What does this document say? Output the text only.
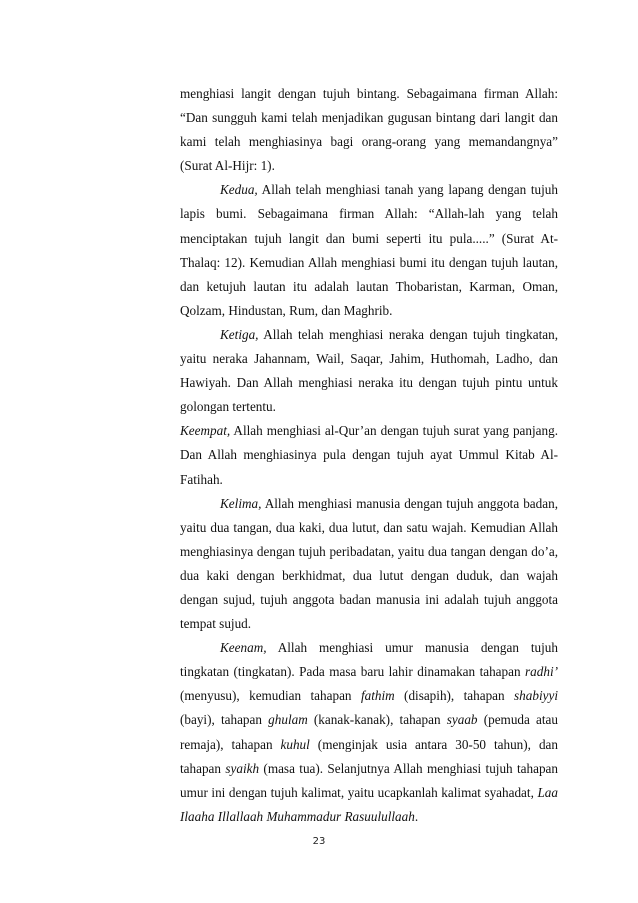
menghiasi langit dengan tujuh bintang. Sebagaimana firman Allah: “Dan sungguh kami telah menjadikan gugusan bintang dari langit dan kami telah menghiasinya bagi orang-orang yang memandangnya” (Surat Al-Hijr: 1).

Kedua, Allah telah menghiasi tanah yang lapang dengan tujuh lapis bumi. Sebagaimana firman Allah: “Allah-lah yang telah menciptakan tujuh langit dan bumi seperti itu pula.....” (Surat At-Thalaq: 12). Kemudian Allah menghiasi bumi itu dengan tujuh lautan, dan ketujuh lautan itu adalah lautan Thobaristan, Karman, Oman, Qolzam, Hindustan, Rum, dan Maghrib.

Ketiga, Allah telah menghiasi neraka dengan tujuh tingkatan, yaitu neraka Jahannam, Wail, Saqar, Jahim, Huthomah, Ladho, dan Hawiyah. Dan Allah menghiasi neraka itu dengan tujuh pintu untuk golongan tertentu.

Keempat, Allah menghiasi al-Qur’an dengan tujuh surat yang panjang. Dan Allah menghiasinya pula dengan tujuh ayat Ummul Kitab Al-Fatihah.

Kelima, Allah menghiasi manusia dengan tujuh anggota badan, yaitu dua tangan, dua kaki, dua lutut, dan satu wajah. Kemudian Allah menghiasinya dengan tujuh peribadatan, yaitu dua tangan dengan do’a, dua kaki dengan berkhidmat, dua lutut dengan duduk, dan wajah dengan sujud, tujuh anggota badan manusia ini adalah tujuh anggota tempat sujud.

Keenam, Allah menghiasi umur manusia dengan tujuh tingkatan (tingkatan). Pada masa baru lahir dinamakan tahapan radhi’ (menyusu), kemudian tahapan fathim (disapih), tahapan shabiyyi (bayi), tahapan ghulam (kanak-kanak), tahapan syaab (pemuda atau remaja), tahapan kuhul (menginjak usia antara 30-50 tahun), dan tahapan syaikh (masa tua). Selanjutnya Allah menghiasi tujuh tahapan umur ini dengan tujuh kalimat, yaitu ucapkanlah kalimat syahadat, Laa Ilaaha Illallaah Muhammadur Rasuulullaah.

23
